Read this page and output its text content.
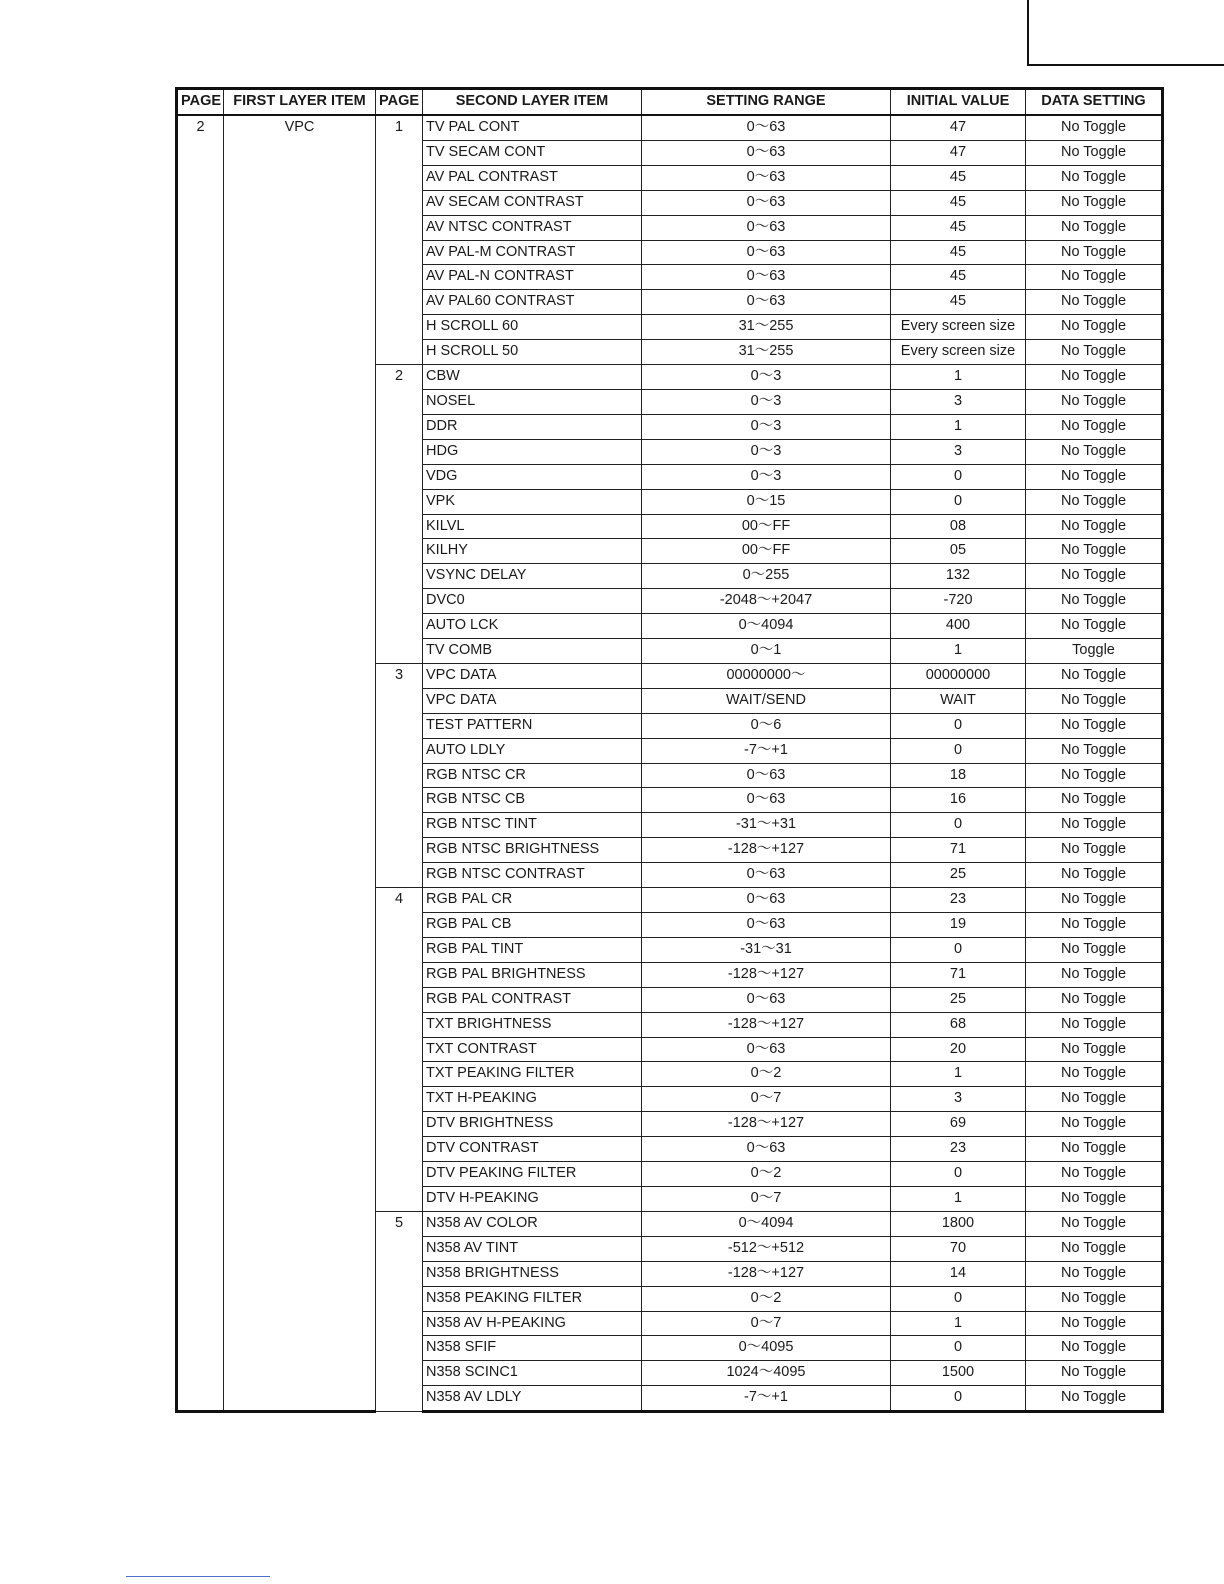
PAGE	FIRST LAYER ITEM	PAGE	SECOND LAYER ITEM	SETTING RANGE	INITIAL VALUE	DATA SETTING
2	VPC	1	TV PAL CONT	0～63	47	No Toggle
			TV SECAM CONT	0～63	47	No Toggle
			AV PAL CONTRAST	0～63	45	No Toggle
			AV SECAM CONTRAST	0～63	45	No Toggle
			AV NTSC CONTRAST	0～63	45	No Toggle
			AV PAL-M CONTRAST	0～63	45	No Toggle
			AV PAL-N CONTRAST	0～63	45	No Toggle
			AV PAL60 CONTRAST	0～63	45	No Toggle
			H SCROLL 60	31～255	Every screen size	No Toggle
			H SCROLL 50	31～255	Every screen size	No Toggle
		2	CBW	0～3	1	No Toggle
			NOSEL	0～3	3	No Toggle
			DDR	0～3	1	No Toggle
			HDG	0～3	3	No Toggle
			VDG	0～3	0	No Toggle
			VPK	0～15	0	No Toggle
			KILVL	00～FF	08	No Toggle
			KILHY	00～FF	05	No Toggle
			VSYNC DELAY	0～255	132	No Toggle
			DVC0	-2048～+2047	-720	No Toggle
			AUTO LCK	0～4094	400	No Toggle
			TV COMB	0～1	1	Toggle
		3	VPC DATA	00000000～	00000000	No Toggle
			VPC DATA	WAIT/SEND	WAIT	No Toggle
			TEST PATTERN	0～6	0	No Toggle
			AUTO LDLY	-7～+1	0	No Toggle
			RGB NTSC CR	0～63	18	No Toggle
			RGB NTSC CB	0～63	16	No Toggle
			RGB NTSC TINT	-31～+31	0	No Toggle
			RGB NTSC BRIGHTNESS	-128～+127	71	No Toggle
			RGB NTSC CONTRAST	0～63	25	No Toggle
		4	RGB PAL CR	0～63	23	No Toggle
			RGB PAL CB	0～63	19	No Toggle
			RGB PAL TINT	-31～31	0	No Toggle
			RGB PAL BRIGHTNESS	-128～+127	71	No Toggle
			RGB PAL CONTRAST	0～63	25	No Toggle
			TXT BRIGHTNESS	-128～+127	68	No Toggle
			TXT CONTRAST	0～63	20	No Toggle
			TXT PEAKING FILTER	0～2	1	No Toggle
			TXT H-PEAKING	0～7	3	No Toggle
			DTV BRIGHTNESS	-128～+127	69	No Toggle
			DTV CONTRAST	0～63	23	No Toggle
			DTV PEAKING FILTER	0～2	0	No Toggle
			DTV H-PEAKING	0～7	1	No Toggle
		5	N358 AV COLOR	0～4094	1800	No Toggle
			N358 AV TINT	-512～+512	70	No Toggle
			N358 BRIGHTNESS	-128～+127	14	No Toggle
			N358 PEAKING FILTER	0～2	0	No Toggle
			N358 AV H-PEAKING	0～7	1	No Toggle
			N358 SFIF	0～4095	0	No Toggle
			N358 SCINC1	1024～4095	1500	No Toggle
			N358 AV LDLY	-7～+1	0	No Toggle
